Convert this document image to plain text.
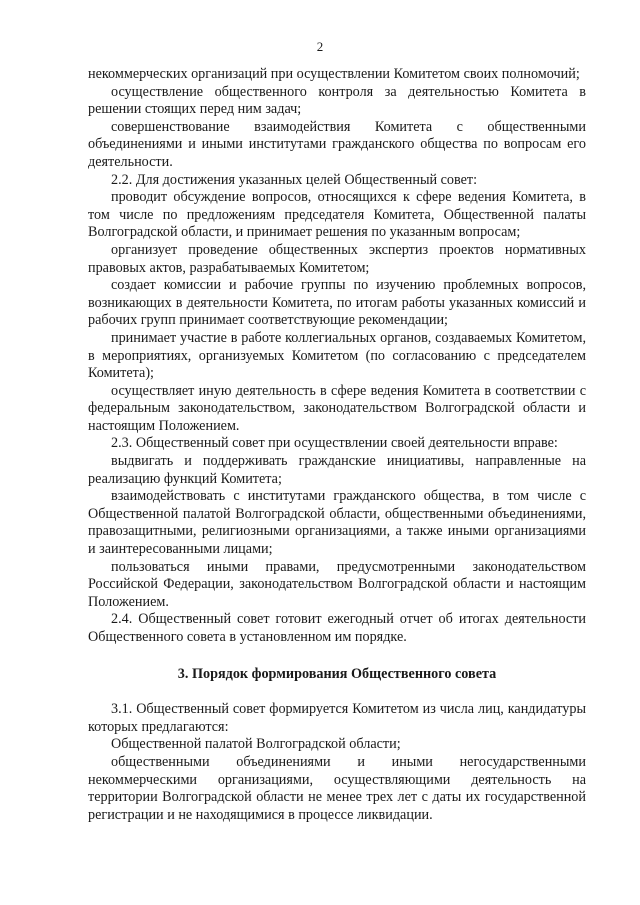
2

некоммерческих организаций при осуществлении Комитетом своих полномочий;

осуществление общественного контроля за деятельностью Комитета в решении стоящих перед ним задач;

совершенствование взаимодействия Комитета с общественными объединениями и иными институтами гражданского общества по вопросам его деятельности.

2.2. Для достижения указанных целей Общественный совет:

проводит обсуждение вопросов, относящихся к сфере ведения Комитета, в том числе по предложениям председателя Комитета, Общественной палаты Волгоградской области, и принимает решения по указанным вопросам;

организует проведение общественных экспертиз проектов нормативных правовых актов, разрабатываемых Комитетом;

создает комиссии и рабочие группы по изучению проблемных вопросов, возникающих в деятельности Комитета, по итогам работы указанных комиссий и рабочих групп принимает соответствующие рекомендации;

принимает участие в работе коллегиальных органов, создаваемых Комитетом, в мероприятиях, организуемых Комитетом (по согласованию с председателем Комитета);

осуществляет иную деятельность в сфере ведения Комитета в соответствии с федеральным законодательством, законодательством Волгоградской области и настоящим Положением.

2.3. Общественный совет при осуществлении своей деятельности вправе:

выдвигать и поддерживать гражданские инициативы, направленные на реализацию функций Комитета;

взаимодействовать с институтами гражданского общества, в том числе с Общественной палатой Волгоградской области, общественными объединениями, правозащитными, религиозными организациями, а также иными организациями и заинтересованными лицами;

пользоваться иными правами, предусмотренными законодательством Российской Федерации, законодательством Волгоградской области и настоящим Положением.

2.4. Общественный совет готовит ежегодный отчет об итогах деятельности Общественного совета в установленном им порядке.

3. Порядок формирования Общественного совета

3.1. Общественный совет формируется Комитетом из числа лиц, кандидатуры которых предлагаются:

Общественной палатой Волгоградской области;

общественными объединениями и иными негосударственными некоммерческими организациями, осуществляющими деятельность на территории Волгоградской области не менее трех лет с даты их государственной регистрации и не находящимися в процессе ликвидации.
